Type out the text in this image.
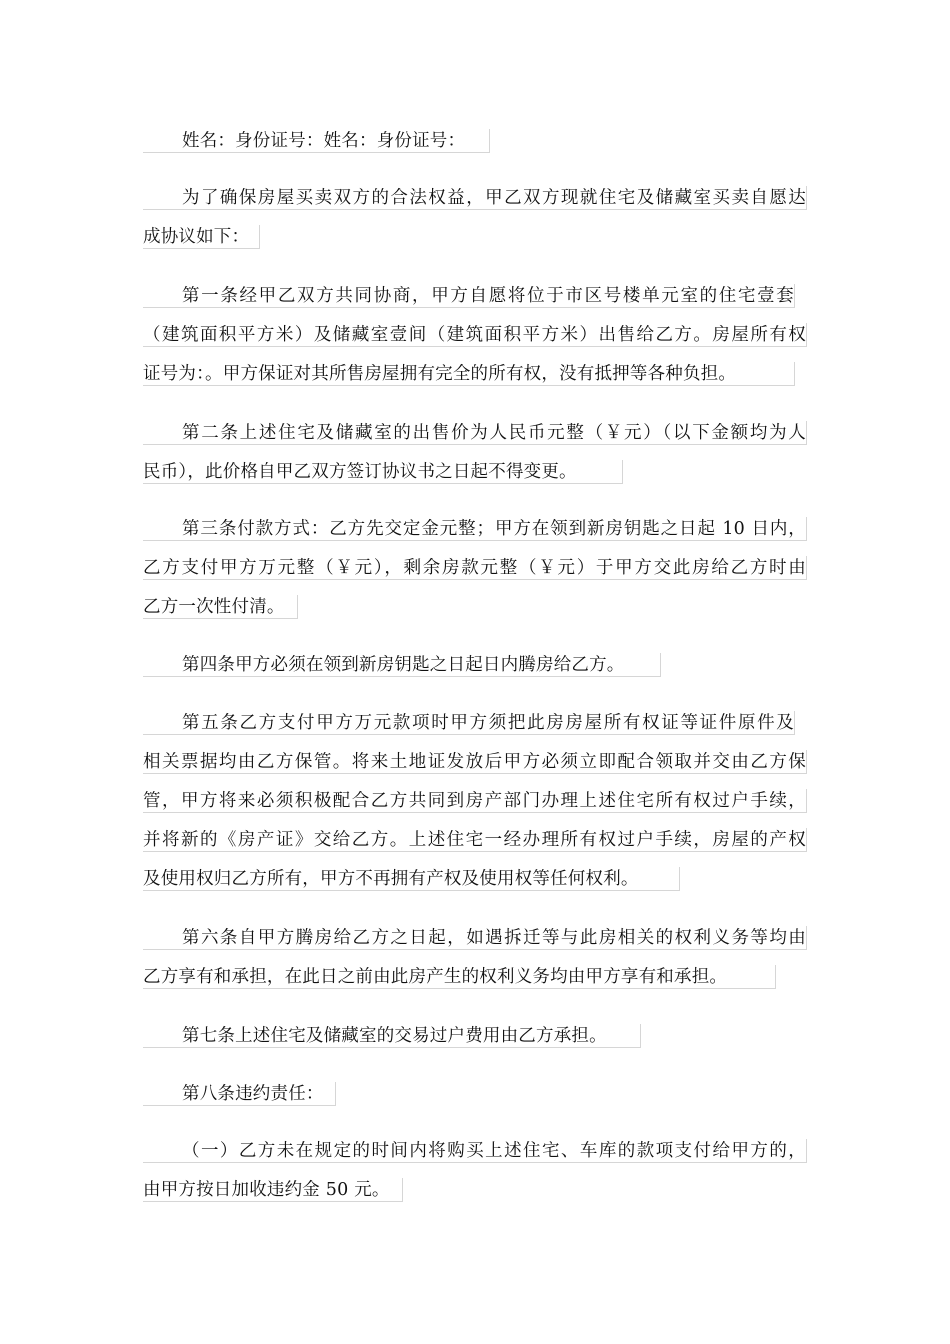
姓名：身份证号：姓名：身份证号：
为了确保房屋买卖双方的合法权益，甲乙双方现就住宅及储藏室买卖自愿达
成协议如下：
第一条经甲乙双方共同协商，甲方自愿将位于市区号楼单元室的住宅壹套
（建筑面积平方米）及储藏室壹间（建筑面积平方米）出售给乙方。房屋所有权
证号为：。甲方保证对其所售房屋拥有完全的所有权，没有抵押等各种负担。
第二条上述住宅及储藏室的出售价为人民币元整（￥元）（以下金额均为人
民币），此价格自甲乙双方签订协议书之日起不得变更。
第三条付款方式：乙方先交定金元整；甲方在领到新房钥匙之日起 10 日内，
乙方支付甲方万元整（￥元），剩余房款元整（￥元）于甲方交此房给乙方时由
乙方一次性付清。
第四条甲方必须在领到新房钥匙之日起日内腾房给乙方。
第五条乙方支付甲方万元款项时甲方须把此房房屋所有权证等证件原件及
相关票据均由乙方保管。将来土地证发放后甲方必须立即配合领取并交由乙方保
管，甲方将来必须积极配合乙方共同到房产部门办理上述住宅所有权过户手续，
并将新的《房产证》交给乙方。上述住宅一经办理所有权过户手续，房屋的产权
及使用权归乙方所有，甲方不再拥有产权及使用权等任何权利。
第六条自甲方腾房给乙方之日起，如遇拆迁等与此房相关的权利义务等均由
乙方享有和承担，在此日之前由此房产生的权利义务均由甲方享有和承担。
第七条上述住宅及储藏室的交易过户费用由乙方承担。
第八条违约责任：
（一）乙方未在规定的时间内将购买上述住宅、车库的款项支付给甲方的，
由甲方按日加收违约金 50 元。
